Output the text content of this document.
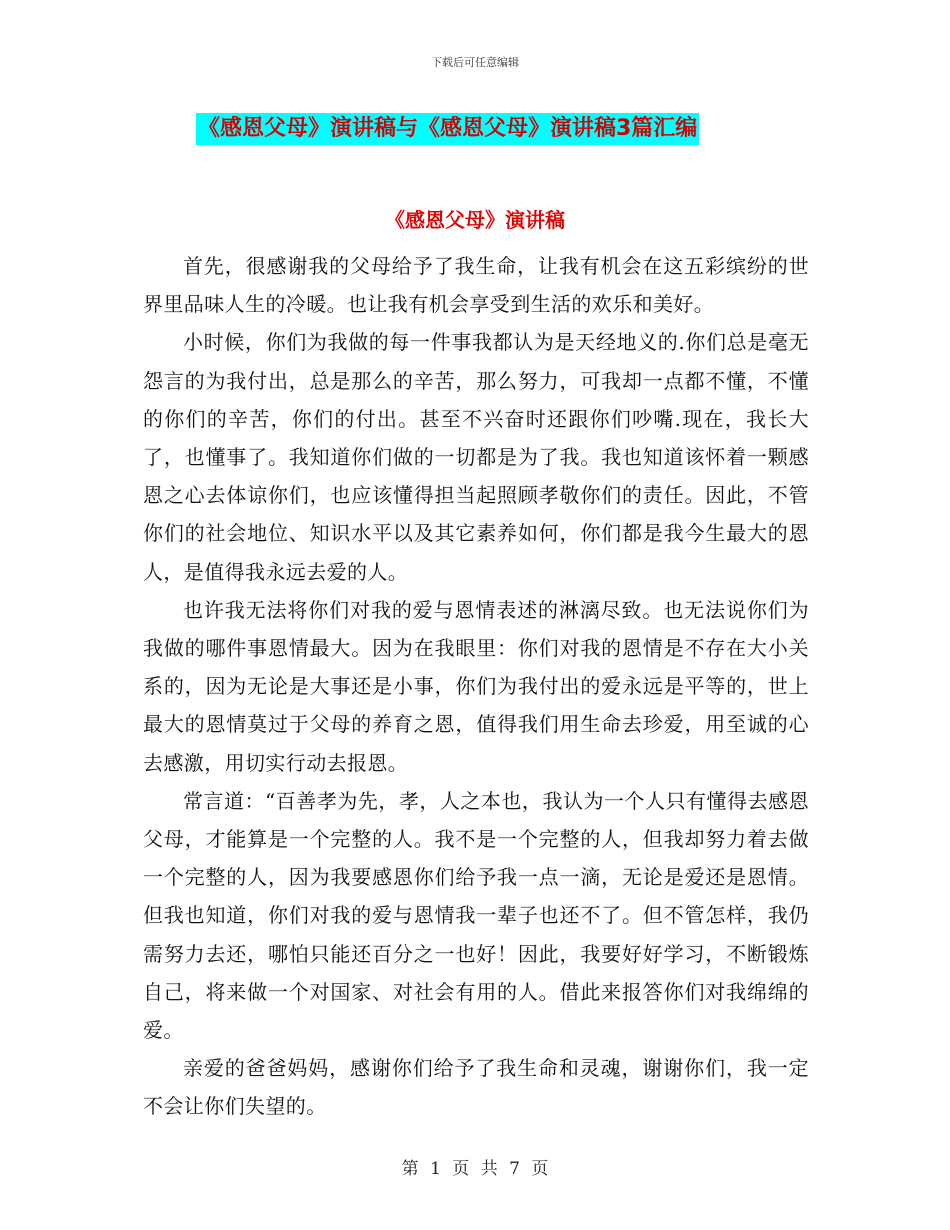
下载后可任意编辑
《感恩父母》演讲稿与《感恩父母》演讲稿3篇汇编
《感恩父母》演讲稿

首先，很感谢我的父母给予了我生命，让我有机会在这五彩缤纷的世界里品味人生的冷暖。也让我有机会享受到生活的欢乐和美好。

小时候，你们为我做的每一件事我都认为是天经地义的.你们总是毫无怨言的为我付出，总是那么的辛苦，那么努力，可我却一点都不懂，不懂的你们的辛苦，你们的付出。甚至不兴奋时还跟你们吵嘴.现在，我长大了，也懂事了。我知道你们做的一切都是为了我。我也知道该怀着一颗感恩之心去体谅你们，也应该懂得担当起照顾孝敬你们的责任。因此，不管你们的社会地位、知识水平以及其它素养如何，你们都是我今生最大的恩人，是值得我永远去爱的人。

也许我无法将你们对我的爱与恩情表述的淋漓尽致。也无法说你们为我做的哪件事恩情最大。因为在我眼里：你们对我的恩情是不存在大小关系的，因为无论是大事还是小事，你们为我付出的爱永远是平等的，世上最大的恩情莫过于父母的养育之恩，值得我们用生命去珍爱，用至诚的心去感激，用切实行动去报恩。

常言道：“百善孝为先，孝，人之本也，我认为一个人只有懂得去感恩父母，才能算是一个完整的人。我不是一个完整的人，但我却努力着去做一个完整的人，因为我要感恩你们给予我一点一滴，无论是爱还是恩情。但我也知道，你们对我的爱与恩情我一辈子也还不了。但不管怎样，我仍需努力去还，哪怕只能还百分之一也好！因此，我要好好学习，不断锻炼自己，将来做一个对国家、对社会有用的人。借此来报答你们对我绵绵的爱。

亲爱的爸爸妈妈，感谢你们给予了我生命和灵魂，谢谢你们，我一定不会让你们失望的。

第 1 页 共 7 页
